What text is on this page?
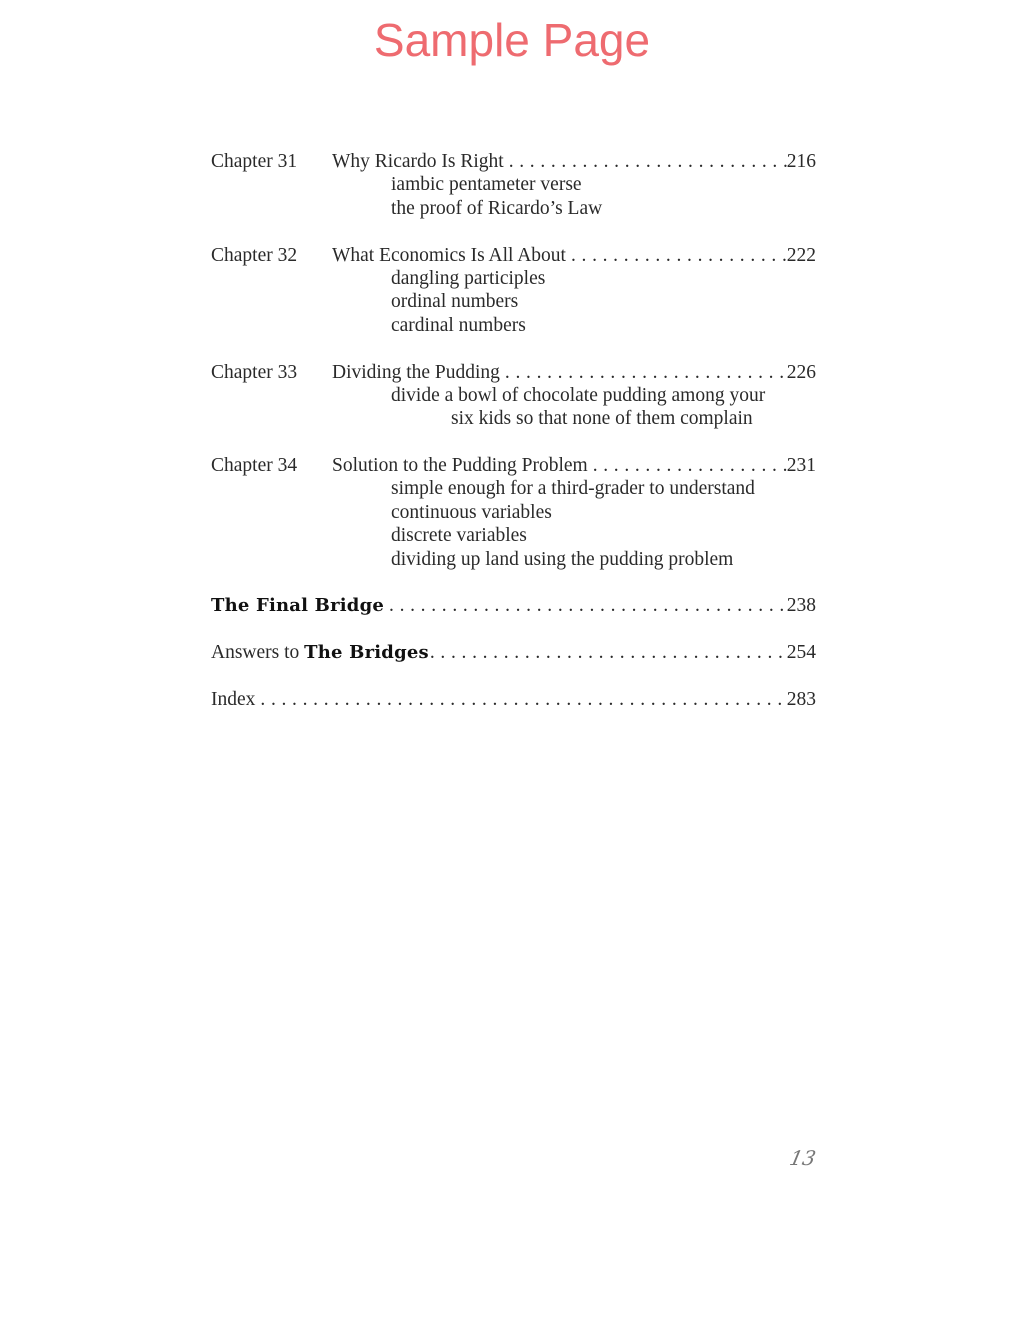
Sample Page
Chapter 31	Why Ricardo Is Right . . .	216
iambic pentameter verse
the proof of Ricardo’s Law
Chapter 32	What Economics Is All About . . .	222
dangling participles
ordinal numbers
cardinal numbers
Chapter 33	Dividing the Pudding . . .	226
divide a bowl of chocolate pudding among your
six kids so that none of them complain
Chapter 34	Solution to the Pudding Problem . . .	231
simple enough for a third-grader to understand
continuous variables
discrete variables
dividing up land using the pudding problem
The Final Bridge . . .	238
Answers to The Bridges . . .	254
Index . . .	283
13
